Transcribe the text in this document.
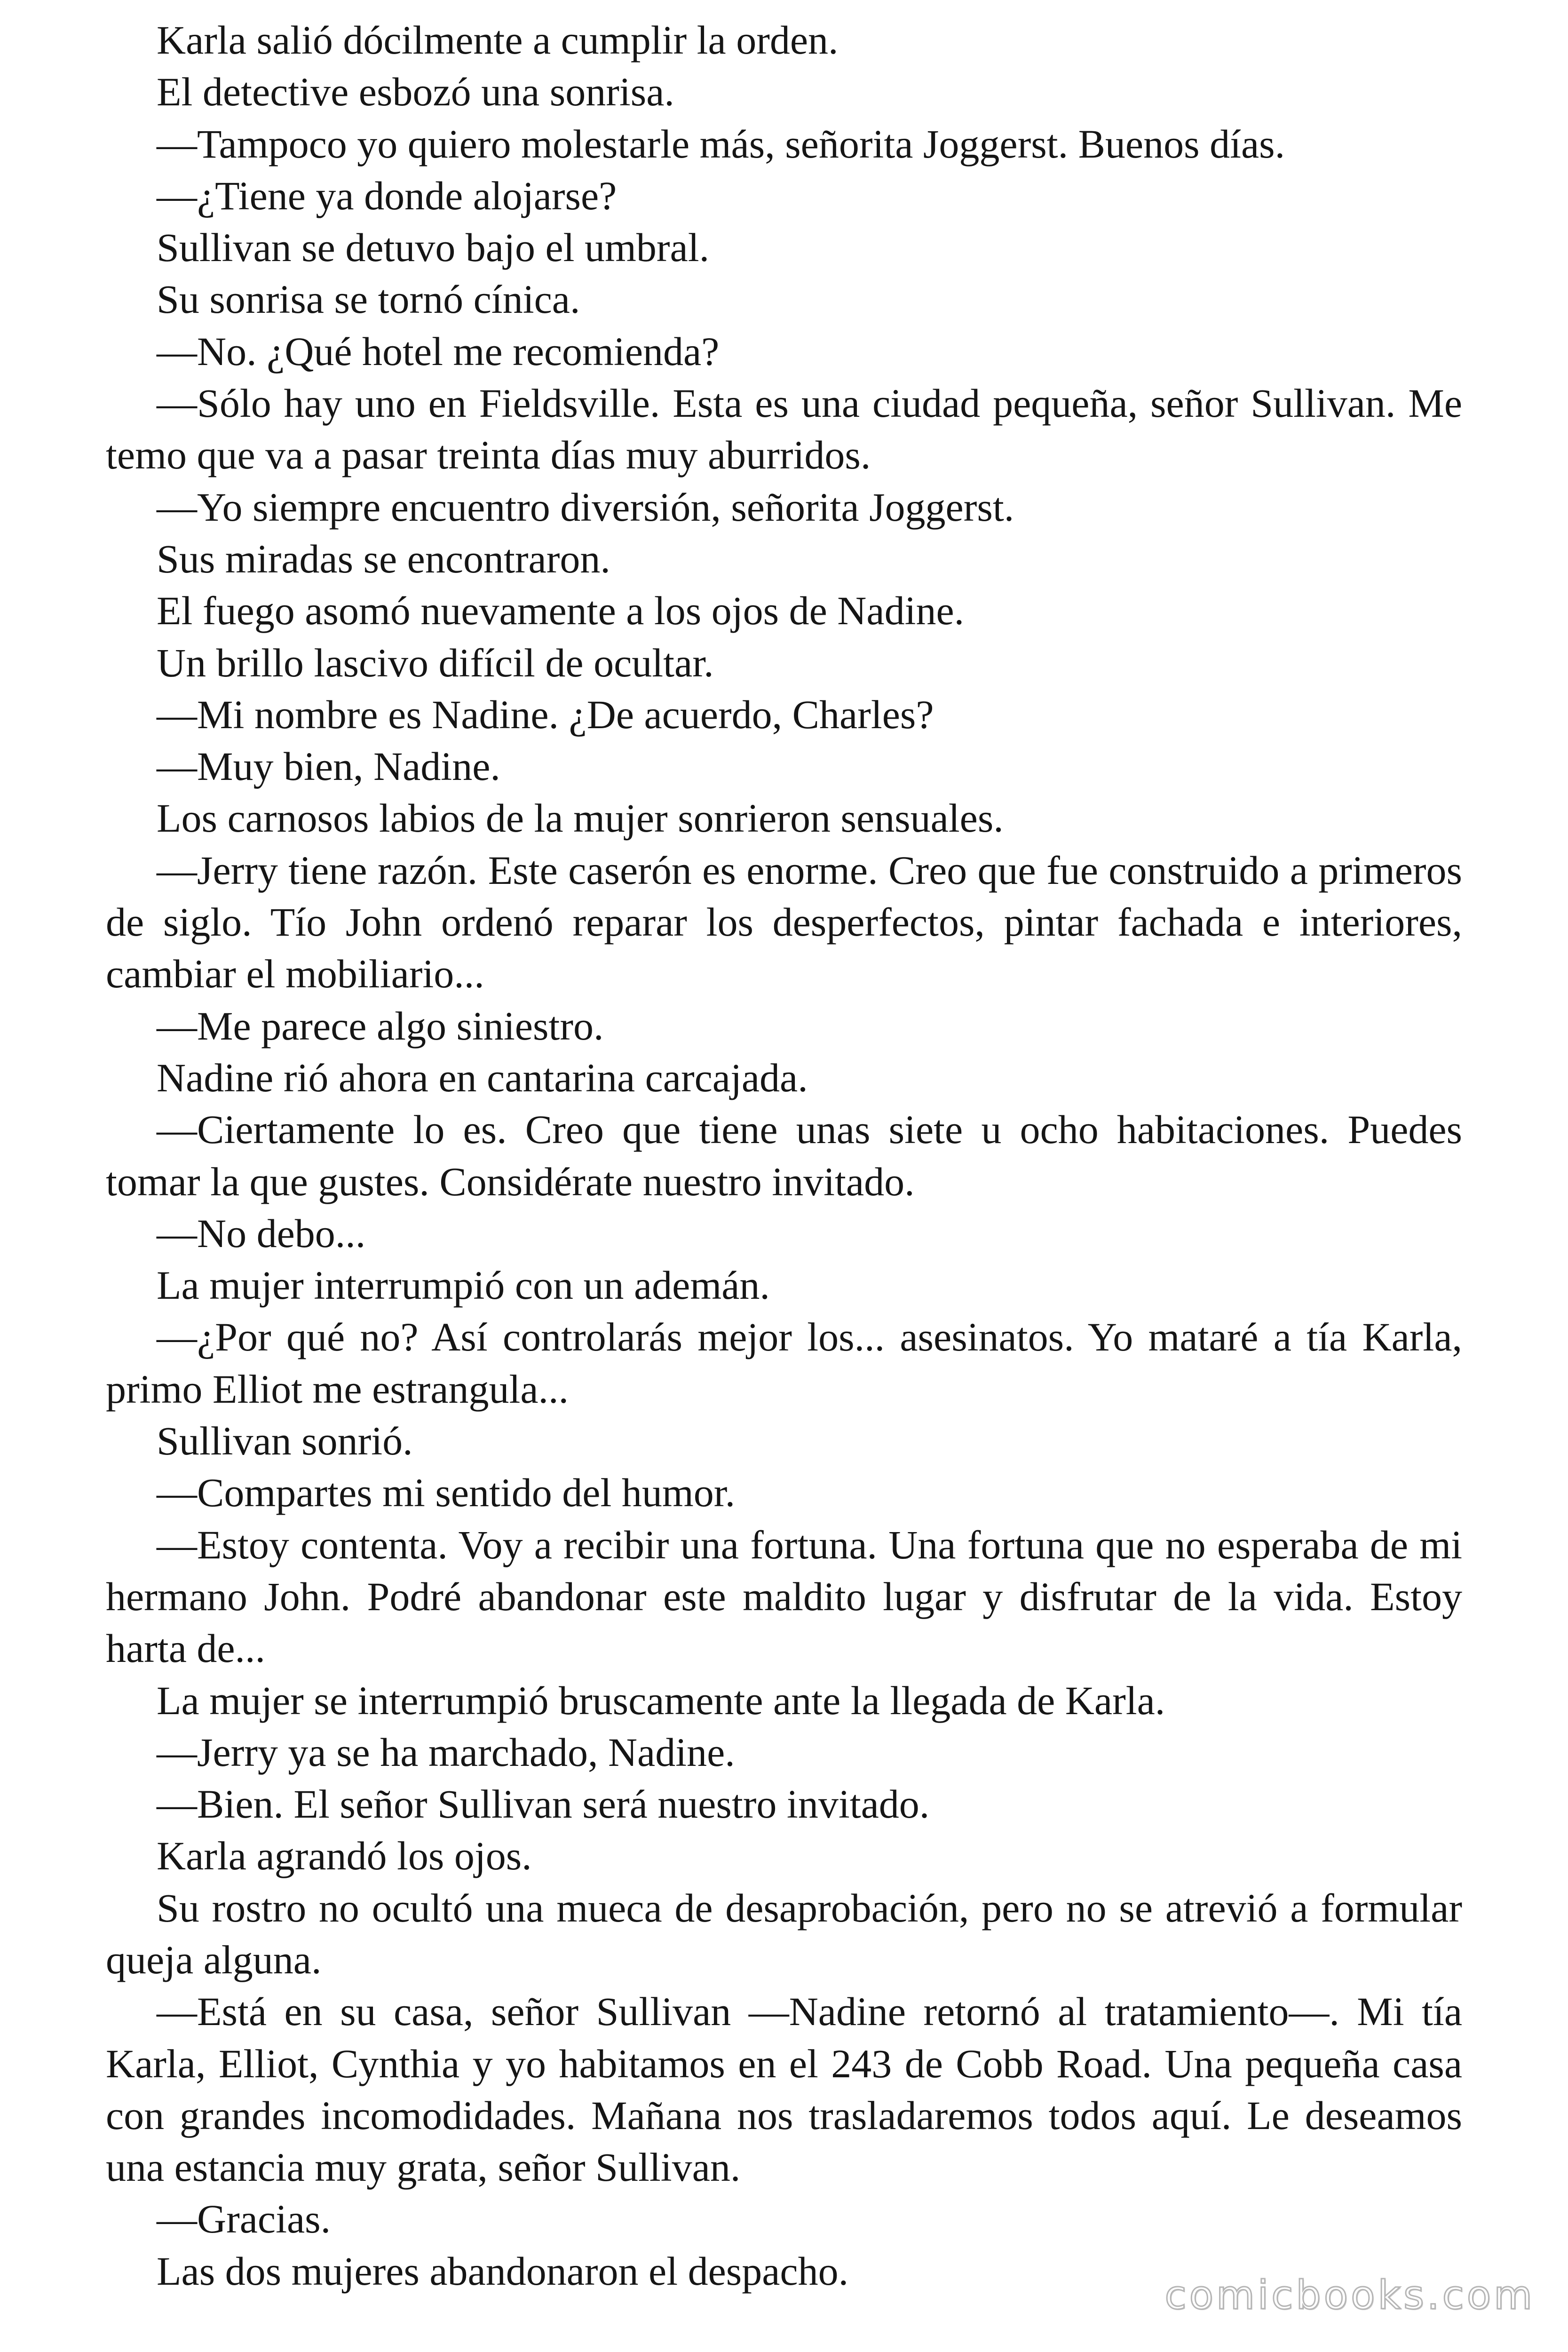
Karla salió dócilmente a cumplir la orden.

El detective esbozó una sonrisa.

—Tampoco yo quiero molestarle más, señorita Joggerst. Buenos días.

—¿Tiene ya donde alojarse?

Sullivan se detuvo bajo el umbral.

Su sonrisa se tornó cínica.

—No. ¿Qué hotel me recomienda?

—Sólo hay uno en Fieldsville. Esta es una ciudad pequeña, señor Sullivan. Me temo que va a pasar treinta días muy aburridos.

—Yo siempre encuentro diversión, señorita Joggerst.

Sus miradas se encontraron.

El fuego asomó nuevamente a los ojos de Nadine.

Un brillo lascivo difícil de ocultar.

—Mi nombre es Nadine. ¿De acuerdo, Charles?

—Muy bien, Nadine.

Los carnosos labios de la mujer sonrieron sensuales.

—Jerry tiene razón. Este caserón es enorme. Creo que fue construido a primeros de siglo. Tío John ordenó reparar los desperfectos, pintar fachada e interiores, cambiar el mobiliario...

—Me parece algo siniestro.

Nadine rió ahora en cantarina carcajada.

—Ciertamente lo es. Creo que tiene unas siete u ocho habitaciones. Puedes tomar la que gustes. Considérate nuestro invitado.

—No debo...

La mujer interrumpió con un ademán.

—¿Por qué no? Así controlarás mejor los... asesinatos. Yo mataré a tía Karla, primo Elliot me estrangula...

Sullivan sonrió.

—Compartes mi sentido del humor.

—Estoy contenta. Voy a recibir una fortuna. Una fortuna que no esperaba de mi hermano John. Podré abandonar este maldito lugar y disfrutar de la vida. Estoy harta de...

La mujer se interrumpió bruscamente ante la llegada de Karla.

—Jerry ya se ha marchado, Nadine.

—Bien. El señor Sullivan será nuestro invitado.

Karla agrandó los ojos.

Su rostro no ocultó una mueca de desaprobación, pero no se atrevió a formular queja alguna.

—Está en su casa, señor Sullivan —Nadine retornó al tratamiento—. Mi tía Karla, Elliot, Cynthia y yo habitamos en el 243 de Cobb Road. Una pequeña casa con grandes incomodidades. Mañana nos trasladaremos todos aquí. Le deseamos una estancia muy grata, señor Sullivan.

—Gracias.

Las dos mujeres abandonaron el despacho.

comicbooks.com
